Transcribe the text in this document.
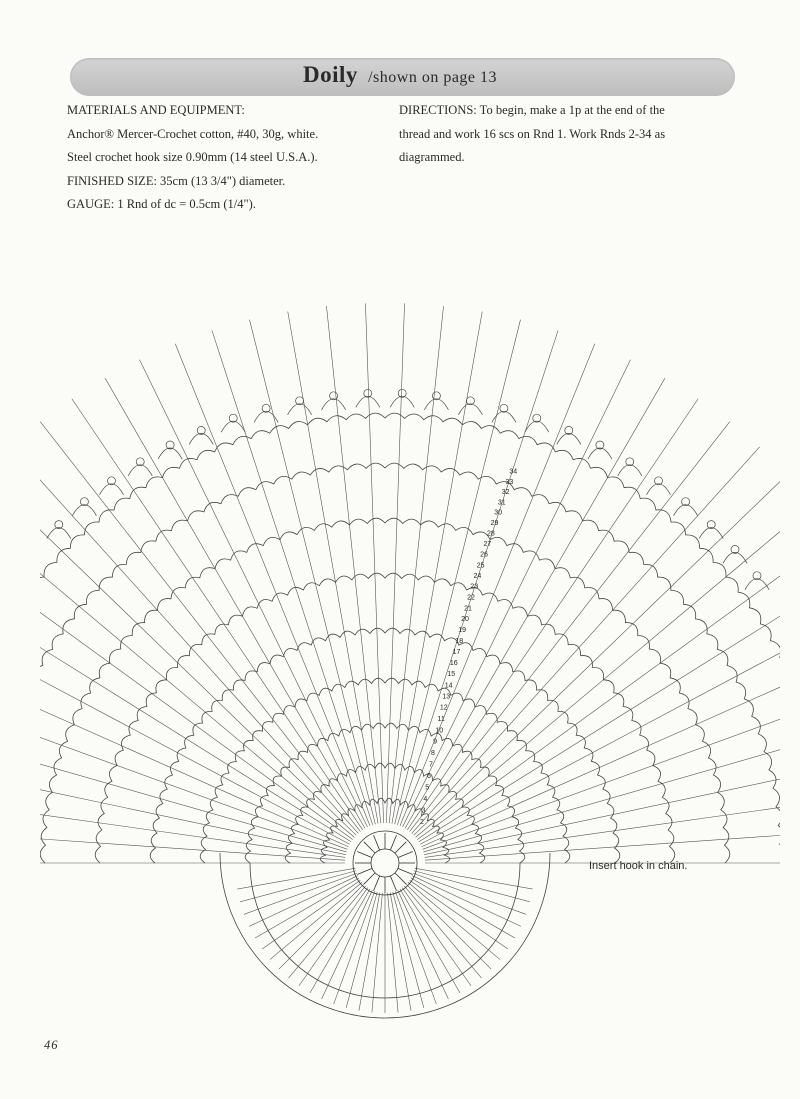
Doily /shown on page 13
MATERIALS AND EQUIPMENT:
Anchor® Mercer-Crochet cotton, #40, 30g, white.
Steel crochet hook size 0.90mm (14 steel U.S.A.).
FINISHED SIZE: 35cm (13 3/4") diameter.
GAUGE: 1 Rnd of dc = 0.5cm (1/4").
DIRECTIONS: To begin, make a 1p at the end of the
thread and work 16 scs on Rnd 1. Work Rnds 2-34 as
diagrammed.
2
3
4
5
6
7
8
9
10
11
12
13
14
15
16
17
18
19
20
21
22
23
24
25
26
27
28
29
30
31
32
33
34
Insert hook in chain.
46
